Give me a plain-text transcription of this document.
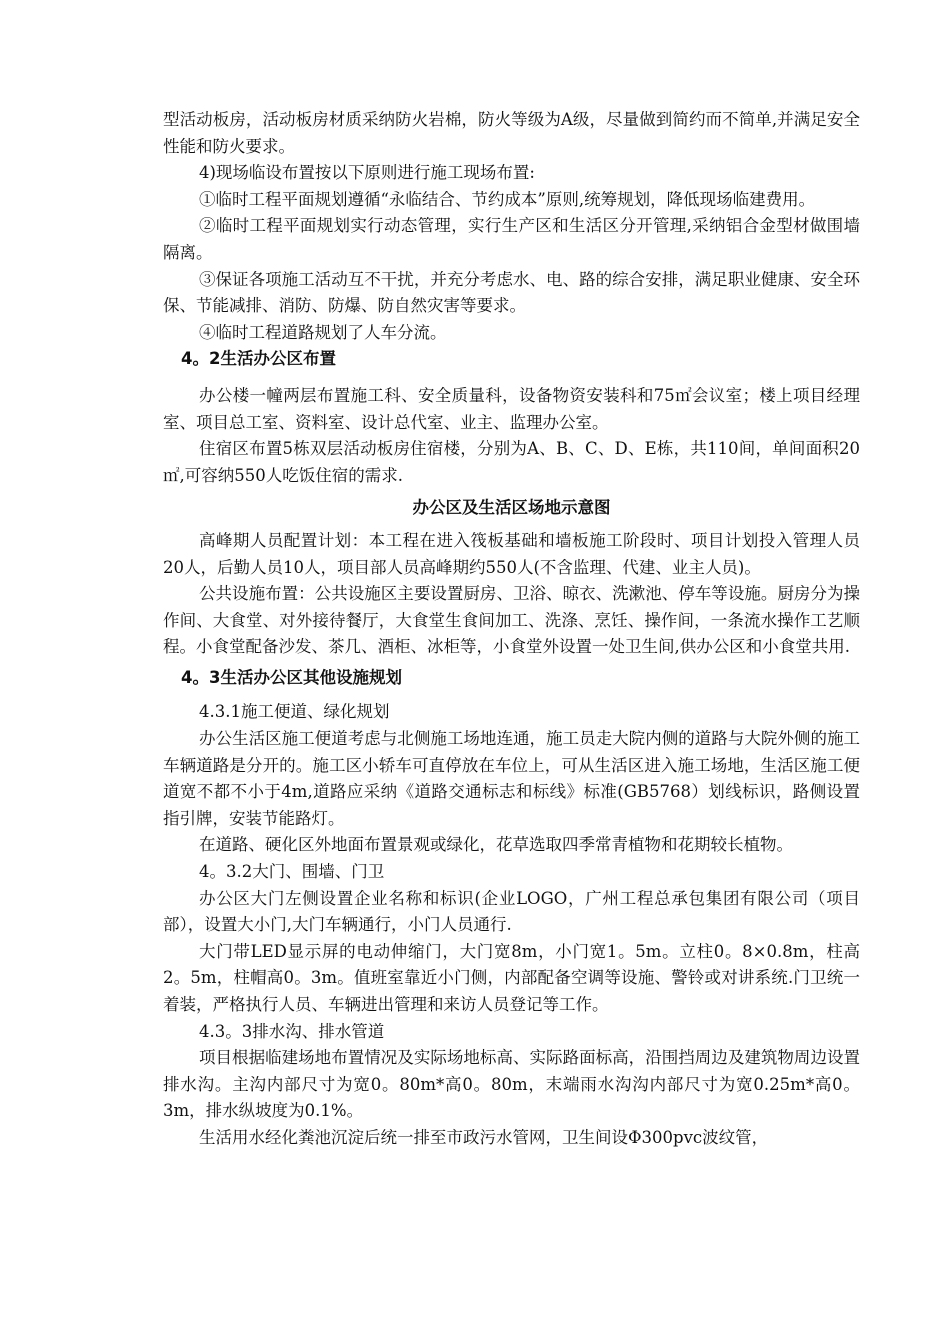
型活动板房，活动板房材质采纳防火岩棉，防火等级为A级，尽量做到简约而不简单,并满足安全性能和防火要求。

4)现场临设布置按以下原则进行施工现场布置:

①临时工程平面规划遵循“永临结合、节约成本”原则,统筹规划，降低现场临建费用。

②临时工程平面规划实行动态管理，实行生产区和生活区分开管理,采纳铝合金型材做围墙隔离。

③保证各项施工活动互不干扰，并充分考虑水、电、路的综合安排，满足职业健康、安全环保、节能减排、消防、防爆、防自然灾害等要求。

④临时工程道路规划了人车分流。

4。2生活办公区布置

办公楼一幢两层布置施工科、安全质量科，设备物资安装科和75㎡会议室；楼上项目经理室、项目总工室、资料室、设计总代室、业主、监理办公室。

住宿区布置5栋双层活动板房住宿楼，分别为A、B、C、D、E栋，共110间，单间面积20㎡,可容纳550人吃饭住宿的需求.

办公区及生活区场地示意图

高峰期人员配置计划：本工程在进入筏板基础和墙板施工阶段时、项目计划投入管理人员20人，后勤人员10人，项目部人员高峰期约550人(不含监理、代建、业主人员)。

公共设施布置：公共设施区主要设置厨房、卫浴、晾衣、洗漱池、停车等设施。厨房分为操作间、大食堂、对外接待餐厅，大食堂生食间加工、洗涤、烹饪、操作间，一条流水操作工艺顺程。小食堂配备沙发、茶几、酒柜、冰柜等，小食堂外设置一处卫生间,供办公区和小食堂共用.

4。3生活办公区其他设施规划

4.3.1施工便道、绿化规划

办公生活区施工便道考虑与北侧施工场地连通，施工员走大院内侧的道路与大院外侧的施工车辆道路是分开的。施工区小轿车可直停放在车位上，可从生活区进入施工场地，生活区施工便道宽不都不小于4m,道路应采纳《道路交通标志和标线》标准(GB5768）划线标识，路侧设置指引牌，安装节能路灯。

在道路、硬化区外地面布置景观或绿化，花草选取四季常青植物和花期较长植物。

4。3.2大门、围墙、门卫

办公区大门左侧设置企业名称和标识(企业LOGO，广州工程总承包集团有限公司（项目部），设置大小门,大门车辆通行，小门人员通行.

大门带LED显示屏的电动伸缩门，大门宽8m，小门宽1。5m。立柱0。8×0.8m，柱高2。5m，柱帽高0。3m。值班室靠近小门侧，内部配备空调等设施、警铃或对讲系统.门卫统一着装，严格执行人员、车辆进出管理和来访人员登记等工作。

4.3。3排水沟、排水管道

项目根据临建场地布置情况及实际场地标高、实际路面标高，沿围挡周边及建筑物周边设置排水沟。主沟内部尺寸为宽0。80m*高0。80m，末端雨水沟沟内部尺寸为宽0.25m*高0。3m，排水纵坡度为0.1%。

生活用水经化粪池沉淀后统一排至市政污水管网，卫生间设Φ300pvc波纹管，
